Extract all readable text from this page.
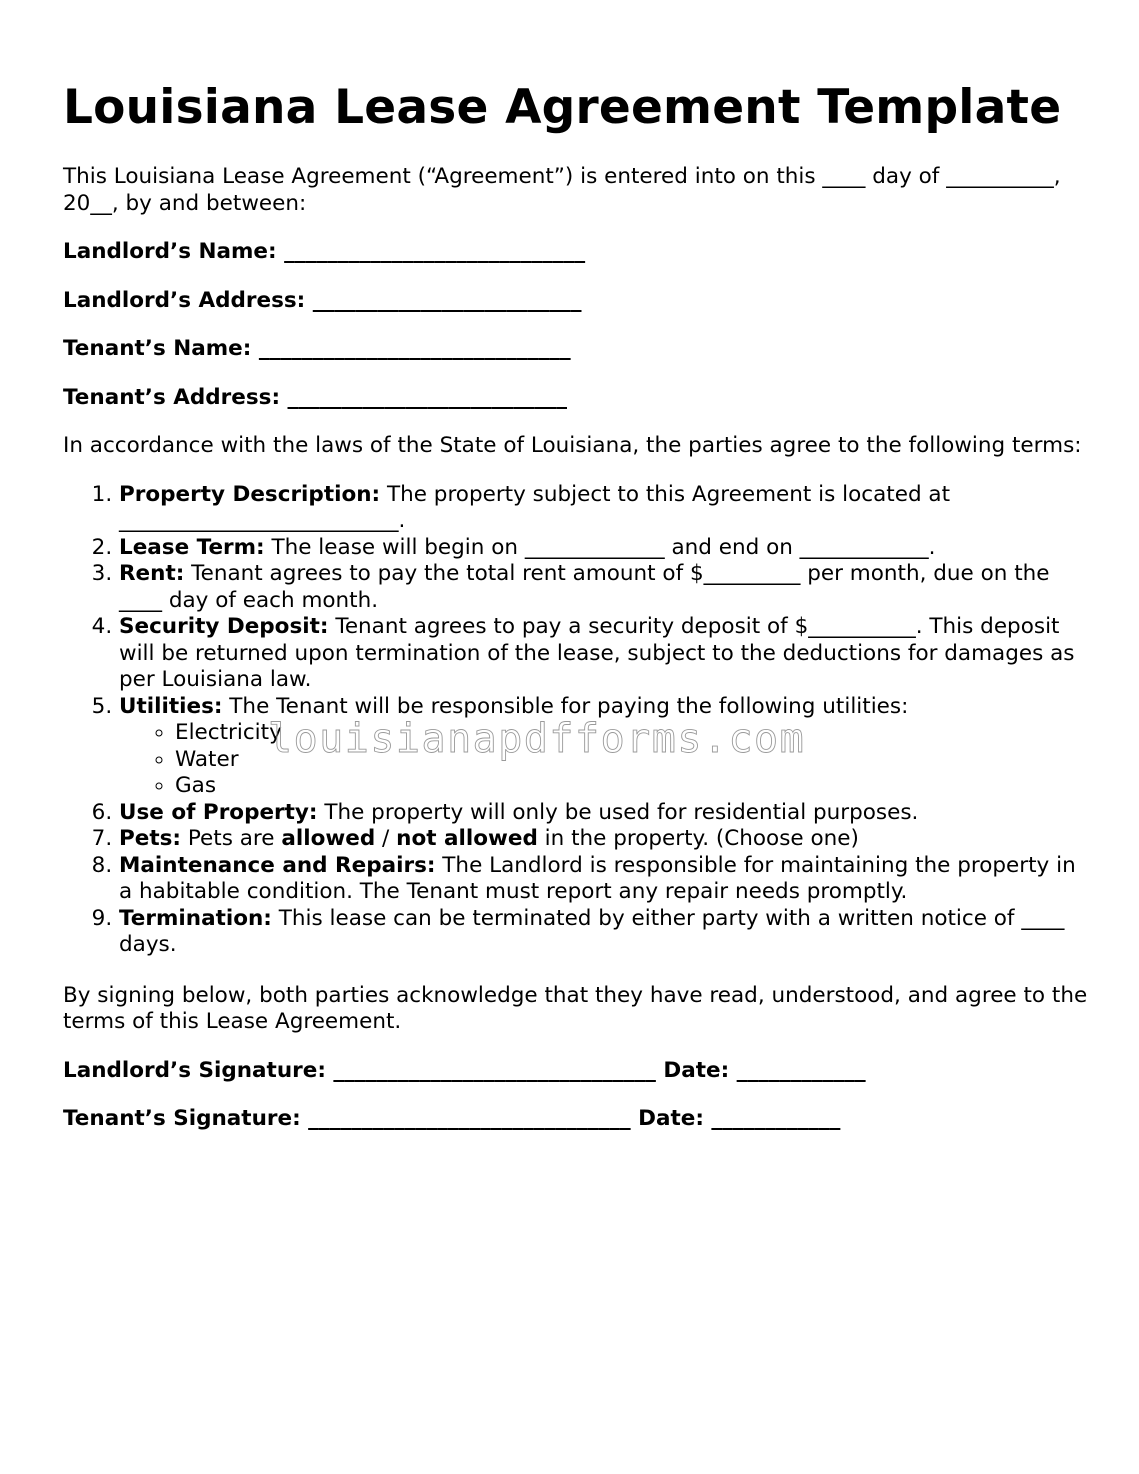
Louisiana Lease Agreement Template

This Louisiana Lease Agreement (“Agreement”) is entered into on this ____ day of __________, 20__, by and between:

Landlord’s Name: ____________________________

Landlord’s Address: _________________________

Tenant’s Name: _____________________________

Tenant’s Address: __________________________

In accordance with the laws of the State of Louisiana, the parties agree to the following terms:

1. Property Description: The property subject to this Agreement is located at __________________________.
2. Lease Term: The lease will begin on _____________ and end on ____________.
3. Rent: Tenant agrees to pay the total rent amount of $_________ per month, due on the ____ day of each month.
4. Security Deposit: Tenant agrees to pay a security deposit of $__________. This deposit will be returned upon termination of the lease, subject to the deductions for damages as per Louisiana law.
5. Utilities: The Tenant will be responsible for paying the following utilities:
◦ Electricity
◦ Water
◦ Gas
6. Use of Property: The property will only be used for residential purposes.
7. Pets: Pets are allowed / not allowed in the property. (Choose one)
8. Maintenance and Repairs: The Landlord is responsible for maintaining the property in a habitable condition. The Tenant must report any repair needs promptly.
9. Termination: This lease can be terminated by either party with a written notice of ____ days.

By signing below, both parties acknowledge that they have read, understood, and agree to the terms of this Lease Agreement.

Landlord’s Signature: ______________________________ Date: ____________

Tenant’s Signature: ______________________________ Date: ____________

louisianapdfforms.com
